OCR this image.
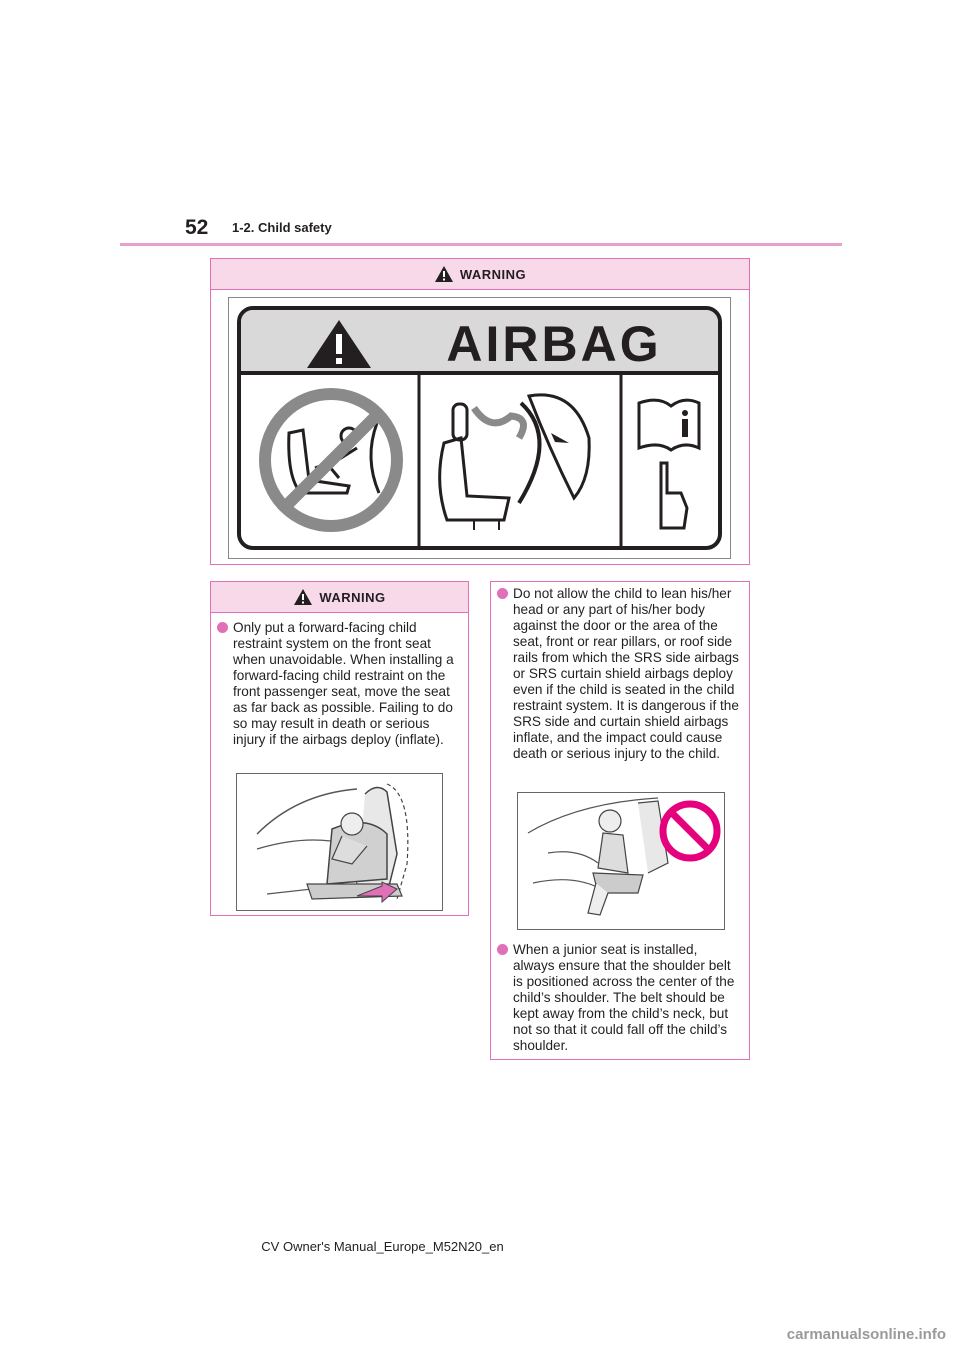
52 1-2. Child safety
WARNING
AIRBAG
WARNING
Only put a forward-facing child restraint system on the front seat when unavoidable. When installing a forward-facing child restraint on the front passenger seat, move the seat as far back as possible. Failing to do so may result in death or serious injury if the airbags deploy (inflate).
Do not allow the child to lean his/her head or any part of his/her body against the door or the area of the seat, front or rear pillars, or roof side rails from which the SRS side airbags or SRS curtain shield airbags deploy even if the child is seated in the child restraint system. It is dangerous if the SRS side and curtain shield airbags inflate, and the impact could cause death or serious injury to the child.
When a junior seat is installed, always ensure that the shoulder belt is positioned across the center of the child’s shoulder. The belt should be kept away from the child’s neck, but not so that it could fall off the child’s shoulder.
CV Owner's Manual_Europe_M52N20_en
carmanualsonline.info
